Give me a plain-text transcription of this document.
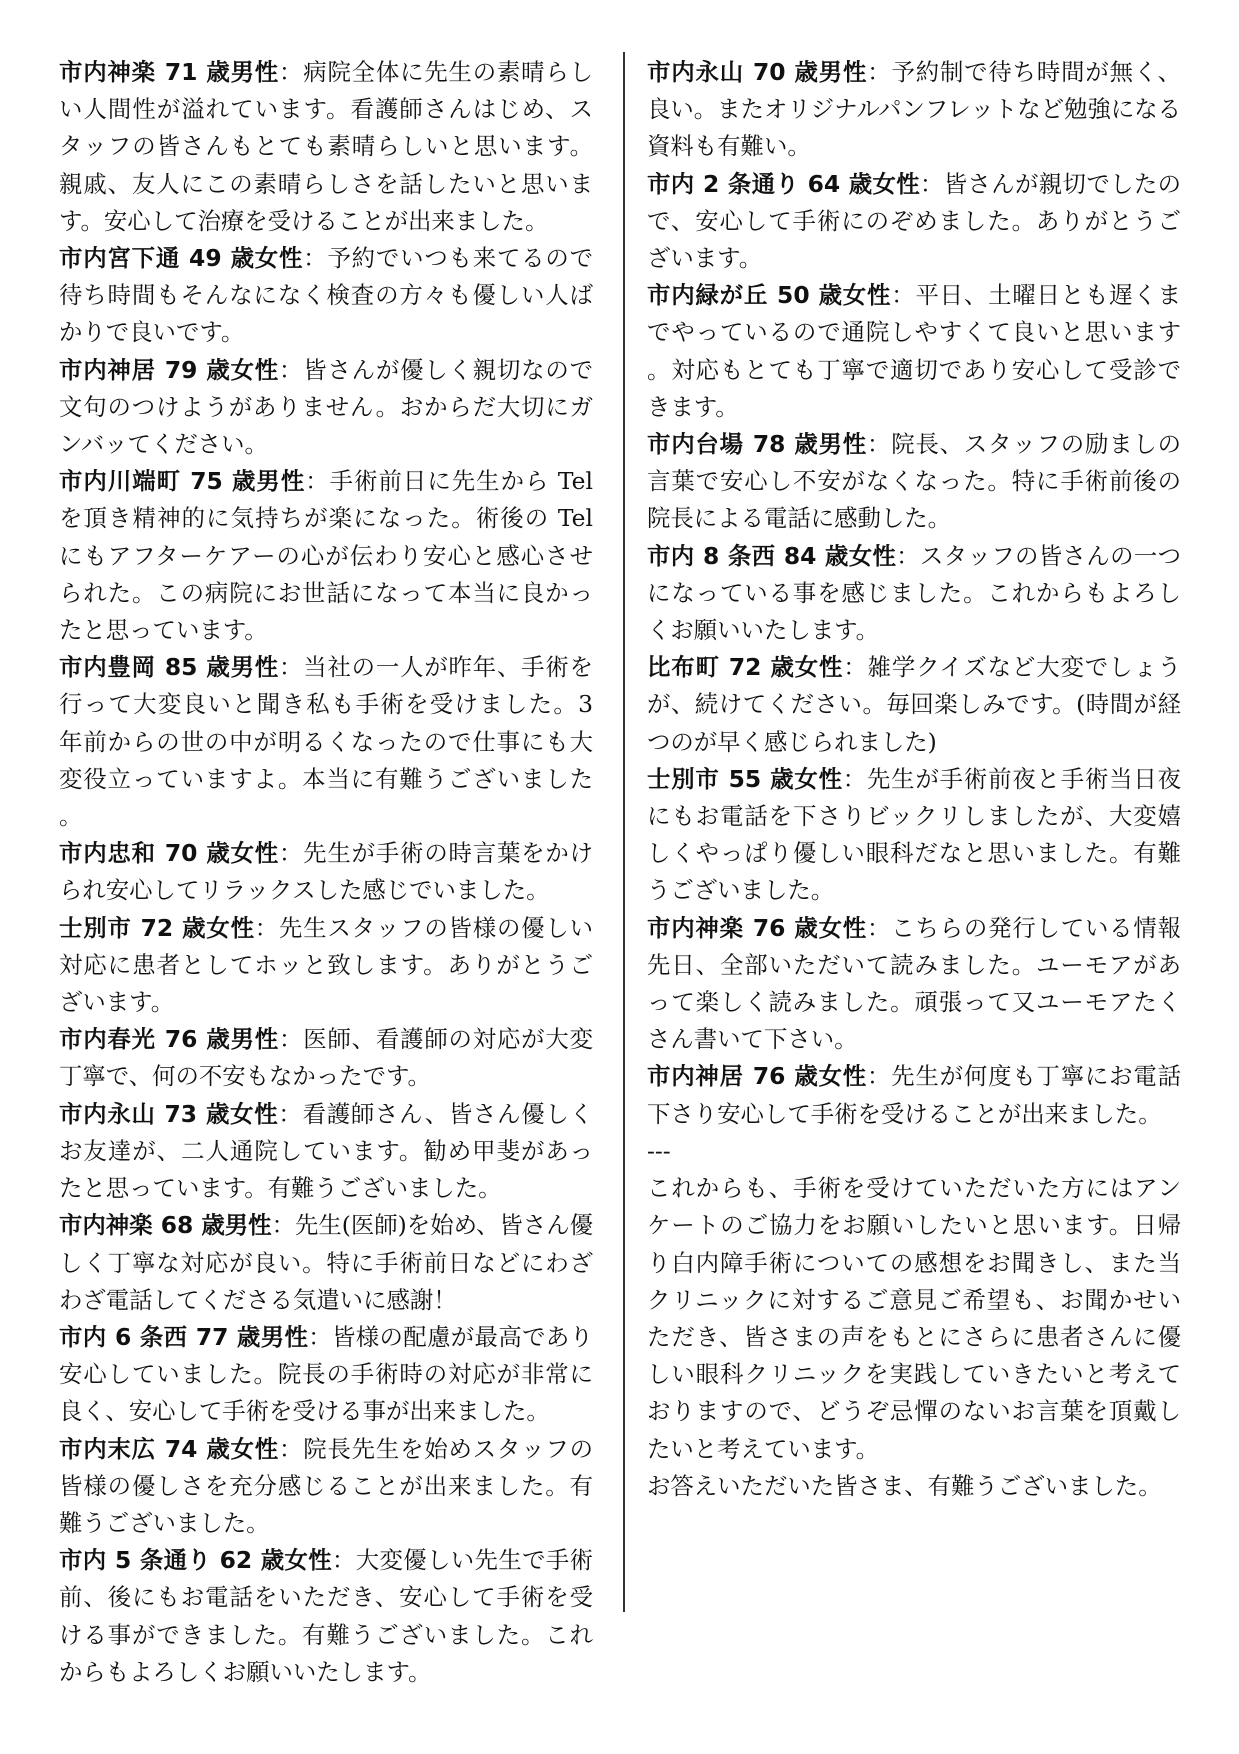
市内神楽 71 歳男性：病院全体に先生の素晴らしい人間性が溢れています。看護師さんはじめ、スタッフの皆さんもとても素晴らしいと思います。親戚、友人にこの素晴らしさを話したいと思います。安心して治療を受けることが出来ました。

市内宮下通 49 歳女性：予約でいつも来てるので待ち時間もそんなになく検査の方々も優しい人ばかりで良いです。

市内神居 79 歳女性：皆さんが優しく親切なので文句のつけようがありません。おからだ大切にガンバッてください。

市内川端町 75 歳男性：手術前日に先生から Tel を頂き精神的に気持ちが楽になった。術後の Tel にもアフターケアーの心が伝わり安心と感心させられた。この病院にお世話になって本当に良かったと思っています。

市内豊岡 85 歳男性：当社の一人が昨年、手術を行って大変良いと聞き私も手術を受けました。3 年前からの世の中が明るくなったので仕事にも大変役立っていますよ。本当に有難うございました。

市内忠和 70 歳女性：先生が手術の時言葉をかけられ安心してリラックスした感じでいました。

士別市 72 歳女性：先生スタッフの皆様の優しい対応に患者としてホッと致します。ありがとうございます。

市内春光 76 歳男性：医師、看護師の対応が大変丁寧で、何の不安もなかったです。

市内永山 73 歳女性：看護師さん、皆さん優しくお友達が、二人通院しています。勧め甲斐があったと思っています。有難うございました。

市内神楽 68 歳男性：先生(医師)を始め、皆さん優しく丁寧な対応が良い。特に手術前日などにわざわざ電話してくださる気遣いに感謝！

市内 6 条西 77 歳男性：皆様の配慮が最高であり安心していました。院長の手術時の対応が非常に良く、安心して手術を受ける事が出来ました。

市内末広 74 歳女性：院長先生を始めスタッフの皆様の優しさを充分感じることが出来ました。有難うございました。

市内 5 条通り 62 歳女性：大変優しい先生で手術前、後にもお電話をいただき、安心して手術を受ける事ができました。有難うございました。これからもよろしくお願いいたします。

市内永山 70 歳男性：予約制で待ち時間が無く、良い。またオリジナルパンフレットなど勉強になる資料も有難い。

市内 2 条通り 64 歳女性：皆さんが親切でしたので、安心して手術にのぞめました。ありがとうございます。

市内緑が丘 50 歳女性：平日、土曜日とも遅くまでやっているので通院しやすくて良いと思います。対応もとても丁寧で適切であり安心して受診できます。

市内台場 78 歳男性：院長、スタッフの励ましの言葉で安心し不安がなくなった。特に手術前後の院長による電話に感動した。

市内 8 条西 84 歳女性：スタッフの皆さんの一つになっている事を感じました。これからもよろしくお願いいたします。

比布町 72 歳女性：雑学クイズなど大変でしょうが、続けてください。毎回楽しみです。(時間が経つのが早く感じられました)

士別市 55 歳女性：先生が手術前夜と手術当日夜にもお電話を下さりビックリしましたが、大変嬉しくやっぱり優しい眼科だなと思いました。有難うございました。

市内神楽 76 歳女性：こちらの発行している情報先日、全部いただいて読みました。ユーモアがあって楽しく読みました。頑張って又ユーモアたくさん書いて下さい。

市内神居 76 歳女性：先生が何度も丁寧にお電話下さり安心して手術を受けることが出来ました。

---

これからも、手術を受けていただいた方にはアンケートのご協力をお願いしたいと思います。日帰り白内障手術についての感想をお聞きし、また当クリニックに対するご意見ご希望も、お聞かせいただき、皆さまの声をもとにさらに患者さんに優しい眼科クリニックを実践していきたいと考えておりますので、どうぞ忌憚のないお言葉を頂戴したいと考えています。

お答えいただいた皆さま、有難うございました。
